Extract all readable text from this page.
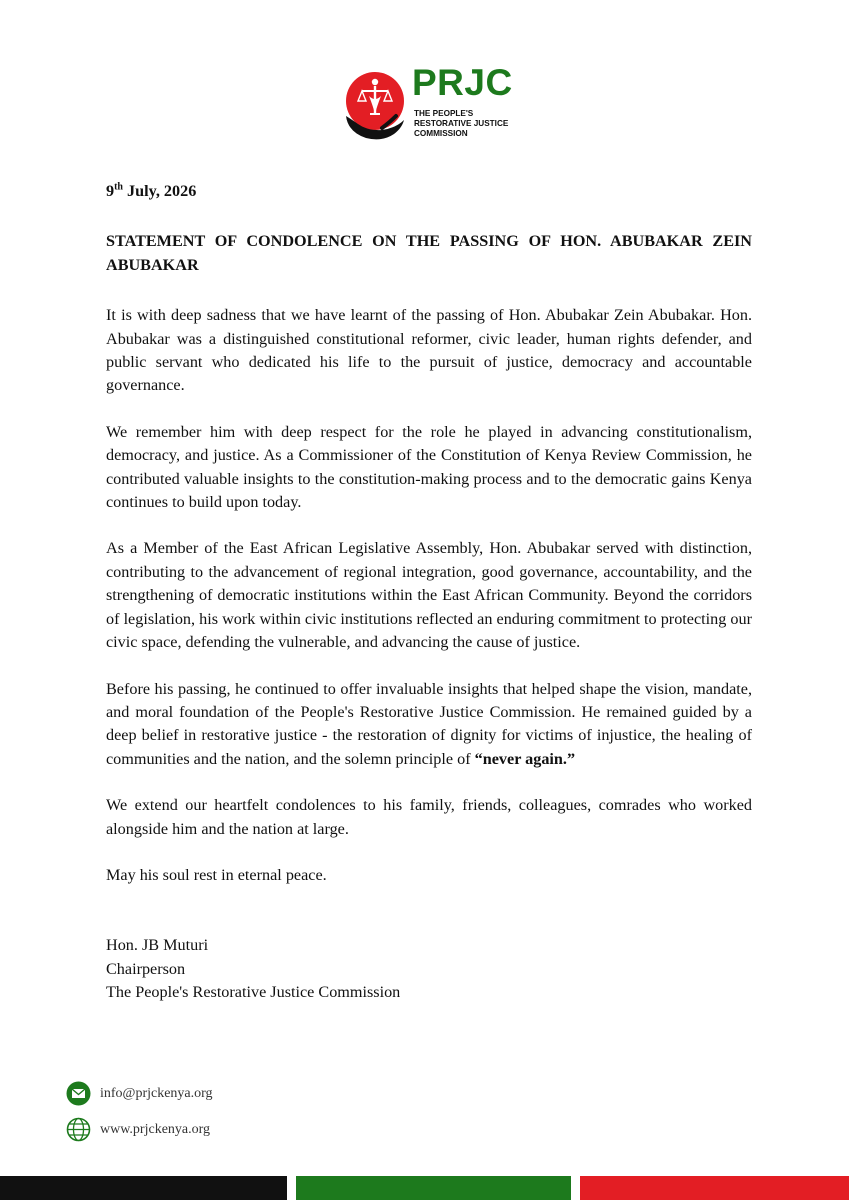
PRJC
THE PEOPLE'S
RESTORATIVE JUSTICE
COMMISSION

9th July, 2026

STATEMENT OF CONDOLENCE ON THE PASSING OF HON. ABUBAKAR ZEIN ABUBAKAR

It is with deep sadness that we have learnt of the passing of Hon. Abubakar Zein Abubakar. Hon. Abubakar was a distinguished constitutional reformer, civic leader, human rights defender, and public servant who dedicated his life to the pursuit of justice, democracy and accountable governance.

We remember him with deep respect for the role he played in advancing constitutionalism, democracy, and justice. As a Commissioner of the Constitution of Kenya Review Commission, he contributed valuable insights to the constitution-making process and to the democratic gains Kenya continues to build upon today.

As a Member of the East African Legislative Assembly, Hon. Abubakar served with distinction, contributing to the advancement of regional integration, good governance, accountability, and the strengthening of democratic institutions within the East African Community. Beyond the corridors of legislation, his work within civic institutions reflected an enduring commitment to protecting our civic space, defending the vulnerable, and advancing the cause of justice.

Before his passing, he continued to offer invaluable insights that helped shape the vision, mandate, and moral foundation of the People's Restorative Justice Commission. He remained guided by a deep belief in restorative justice - the restoration of dignity for victims of injustice, the healing of communities and the nation, and the solemn principle of “never again.”

We extend our heartfelt condolences to his family, friends, colleagues, comrades who worked alongside him and the nation at large.

May his soul rest in eternal peace.

Hon. JB Muturi
Chairperson
The People's Restorative Justice Commission
info@prjckenya.org
www.prjckenya.org
